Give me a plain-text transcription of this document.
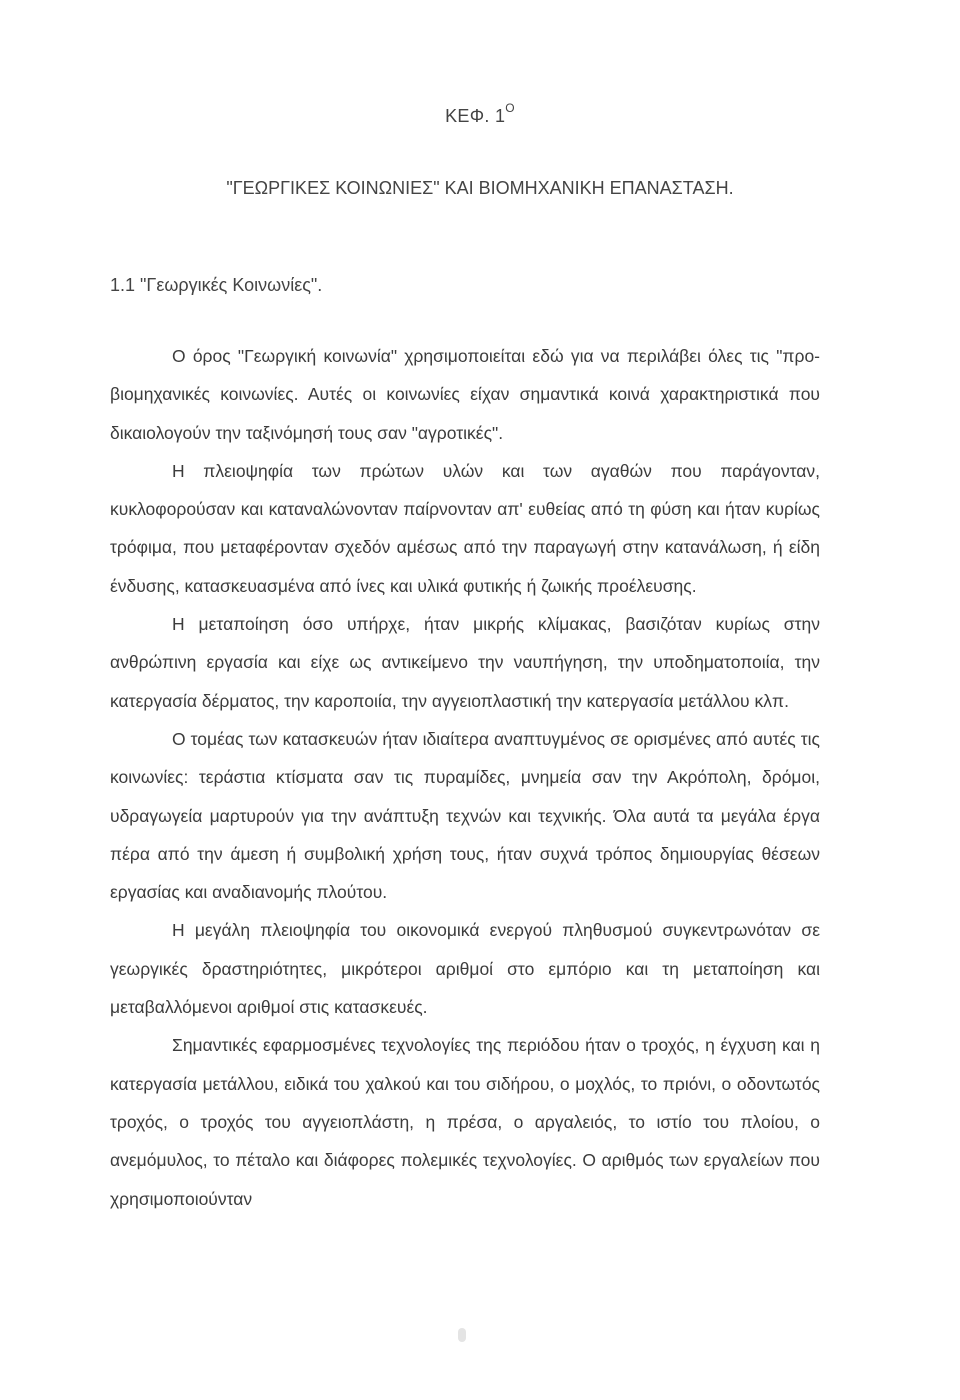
ΚΕΦ. $1^O$
"ΓΕΩΡΓΙΚΕΣ ΚΟΙΝΩΝΙΕΣ" ΚΑΙ ΒΙΟΜΗΧΑΝΙΚΗ ΕΠΑΝΑΣΤΑΣΗ.
1.1 "Γεωργικές Κοινωνίες".

Ο όρος "Γεωργική κοινωνία" χρησιμοποιείται εδώ για να περιλάβει όλες τις "προ-βιομηχανικές κοινωνίες. Αυτές οι κοινωνίες είχαν σημαντικά κοινά χαρακτηριστικά που δικαιολογούν την ταξινόμησή τους σαν "αγροτικές".

Η πλειοψηφία των πρώτων υλών και των αγαθών που παράγονταν, κυκλοφορούσαν και καταναλώνονταν παίρνονταν απ' ευθείας από τη φύση και ήταν κυρίως τρόφιμα, που μεταφέρονταν σχεδόν αμέσως από την παραγωγή στην κατανάλωση, ή είδη ένδυσης, κατασκευασμένα από ίνες και υλικά φυτικής ή ζωικής προέλευσης.

Η μεταποίηση όσο υπήρχε, ήταν μικρής κλίμακας, βασιζόταν κυρίως στην ανθρώπινη εργασία και είχε ως αντικείμενο την ναυπήγηση, την υποδηματοποιία, την κατεργασία δέρματος, την καροποιία, την αγγειοπλαστική την κατεργασία μετάλλου κλπ.

Ο τομέας των κατασκευών ήταν ιδιαίτερα αναπτυγμένος σε ορισμένες από αυτές τις κοινωνίες: τεράστια κτίσματα σαν τις πυραμίδες, μνημεία σαν την Ακρόπολη, δρόμοι, υδραγωγεία μαρτυρούν για την ανάπτυξη τεχνών και τεχνικής. Όλα αυτά τα μεγάλα έργα πέρα από την άμεση ή συμβολική χρήση τους, ήταν συχνά τρόπος δημιουργίας θέσεων εργασίας και αναδιανομής πλούτου.

Η μεγάλη πλειοψηφία του οικονομικά ενεργού πληθυσμού συγκεντρωνόταν σε γεωργικές δραστηριότητες, μικρότεροι αριθμοί στο εμπόριο και τη μεταποίηση και μεταβαλλόμενοι αριθμοί στις κατασκευές.

Σημαντικές εφαρμοσμένες τεχνολογίες της περιόδου ήταν ο τροχός, η έγχυση και η κατεργασία μετάλλου, ειδικά του χαλκού και του σιδήρου, ο μοχλός, το πριόνι, ο οδοντωτός τροχός, ο τροχός του αγγειοπλάστη, η πρέσα, ο αργαλειός, το ιστίο του πλοίου, ο ανεμόμυλος, το πέταλο και διάφορες πολεμικές τεχνολογίες. Ο αριθμός των εργαλείων που χρησιμοποιούνταν
